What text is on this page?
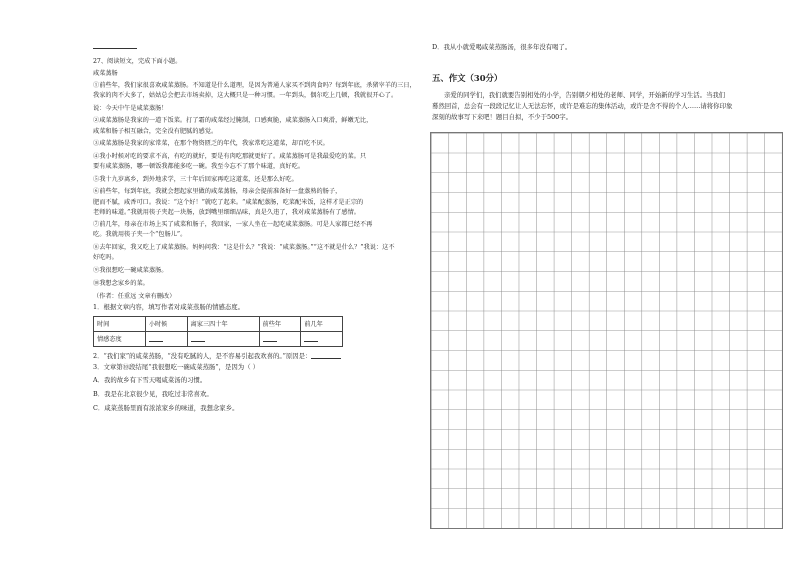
27、阅读短文，完成下面小题。
咸菜蒸肠

①前些年，我们家很喜欢咸菜蒸肠。不知道是什么道理，是因为普通人家买不到肉食吗？每到年底，杀猪宰羊的三日，
我家的肉不大多了，姑姑总会把去市场卖掉，这大概只是一种习惯。一年到头，偶尔吃上几顿，我就很开心了。

说：今天中午是咸菜蒸肠！

②咸菜蒸肠是我家的一道下饭菜。打了霜的咸菜经过腌制，口感爽脆，咸菜蒸肠入口爽滑，鲜嫩无比，
咸菜和肠子相互融合，完全没有肥腻的感觉。

③咸菜蒸肠是我家的家常菜，在那个物资匮乏的年代，我家常吃这道菜，却百吃不厌。

④我小时候对吃的要求不高，有吃的就好，要是有肉吃那就更好了。咸菜蒸肠可是我最爱吃的菜。只
要有咸菜蒸肠，哪一顿饭我都能多吃一碗。我至今忘不了那个味道，真好吃。

⑤我十九岁离乡，到外地求学，三十年后回家再吃这道菜，还是那么好吃。

⑥前些年，每到年底，我就会想起家里做的咸菜蒸肠，母亲会提前准备好一盘蒸熟的肠子，
肥而不腻，咸香可口。我说：“这个好！”就吃了起来。“咸菜配蒸肠，吃菜配米饭，这样才是正宗的
老师的味道。”我就用筷子夹起一块肠，放到嘴里细细品味，真是久违了，我对咸菜蒸肠有了感情。

⑦前几年，母亲在市场上买了咸菜和肠子，我回家，一家人坐在一起吃咸菜蒸肠。可是人家都已经不再
吃。我就用筷子夹一个“包肠儿”。

⑧去年回家，我又吃上了咸菜蒸肠。妈妈问我：“这是什么？”我说：“咸菜蒸肠。”“这不就是什么？”我说：这不
好吃吗。

⑨我很想吃一碗咸菜蒸肠。

⑩我想念家乡的菜。

（作者：任重远 文章有删改）
1．根据文章内容，填写作者对咸菜蒸肠的情感态度。
时间	小时候	离家三四十年	前些年	前几年
情感态度				
2．“我们家”的咸菜蒸肠，“没有吃腻的人，是不容易引起我欢喜的。”原因是：
3．文章第⑩段结尾“我很想吃一碗咸菜蒸肠”，是因为（ ）
A．我的故乡有下雪天喝咸菜汤的习惯。
B．我是在北京很少见，我吃过非常喜欢。
C．咸菜蒸肠里面有浓浓家乡的味道，我想念家乡。
D．我从小就爱喝咸菜蒸肠汤，很多年没有喝了。
五、作文（30分）
亲爱的同学们，我们就要告别相处的小学，告别朝夕相处的老师、同学，开始新的学习生活。当我们
蓦然回首，总会有一段段记忆让人无法忘怀，或许是难忘的集体活动，或许是舍不得的个人……请将你印象
深刻的故事写下来吧！题目自拟，不少于500字。
